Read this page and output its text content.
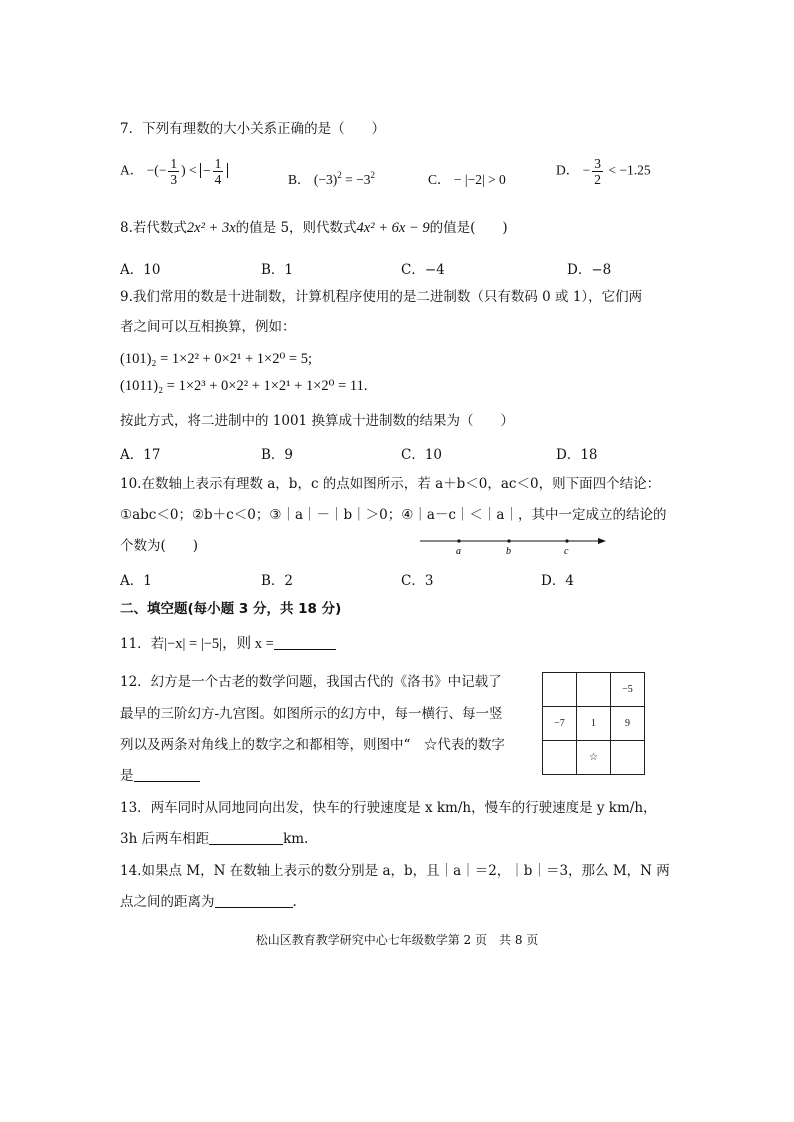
7．下列有理数的大小关系正确的是（　　）
A． −(− $\frac{1}{3}$ ) < − $\frac{1}{4}$	B． $(-3)^2 = -3^2$	C． − |−2| > 0
D． − $\frac{3}{2} < -1.25$
8.若代数式2x² + 3x的值是 5，则代数式4x² + 6x − 9的值是(　　)
A．10	B．1	C．−4	D．−8
9.我们常用的数是十进制数，计算机程序使用的是二进制数（只有数码 0 或 1），它们两
者之间可以互相换算，例如：
(101)₂ = 1×2² + 0×2¹ + 1×2⁰ = 5;
(1011)₂ = 1×2³ + 0×2² + 1×2¹ + 1×2⁰ = 11.
按此方式，将二进制中的 1001 换算成十进制数的结果为（　　）
A．17	B．9	C．10	D．18
10.在数轴上表示有理数 a，b，c 的点如图所示，若 a＋b＜0，ac＜0，则下面四个结论：
①abc＜0；②b＋c＜0；③｜a｜－｜b｜＞0；④｜a－c｜＜｜a｜，其中一定成立的结论的
个数为(　　)	a	b	c
A．1	B．2	C．3	D．4
二、填空题(每小题 3 分，共 18 分)
11．若|−x| = |−5|，则 x =
12．幻方是一个古老的数学问题，我国古代的《洛书》中记载了
最早的三阶幻方-九宫图。如图所示的幻方中，每一横行、每一竖
列以及两条对角线上的数字之和都相等，则图中“　☆代表的数字
是
		−5
−7	1	9
	☆	
13．两车同时从同地同向出发，快车的行驶速度是 x km/h，慢车的行驶速度是 y km/h，
3h 后两车相距	km.
14.如果点 M，N 在数轴上表示的数分别是 a，b，且｜a｜＝2，｜b｜＝3，那么 M，N 两
点之间的距离为	.
松山区教育教学研究中心七年级数学第 2 页　共 8 页
